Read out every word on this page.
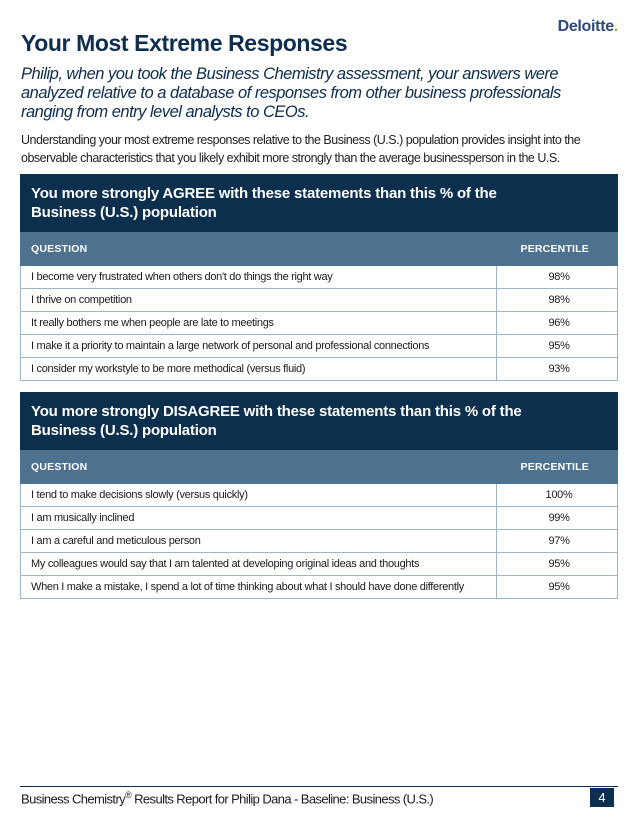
Deloitte.
Your Most Extreme Responses

Philip, when you took the Business Chemistry assessment, your answers were analyzed relative to a database of responses from other business professionals ranging from entry level analysts to CEOs.

Understanding your most extreme responses relative to the Business (U.S.) population provides insight into the observable characteristics that you likely exhibit more strongly than the average businessperson in the U.S.

You more strongly AGREE with these statements than this % of the Business (U.S.) population
QUESTION	PERCENTILE
I become very frustrated when others don't do things the right way	98%
I thrive on competition	98%
It really bothers me when people are late to meetings	96%
I make it a priority to maintain a large network of personal and professional connections	95%
I consider my workstyle to be more methodical (versus fluid)	93%
You more strongly DISAGREE with these statements than this % of the Business (U.S.) population
QUESTION	PERCENTILE
I tend to make decisions slowly (versus quickly)	100%
I am musically inclined	99%
I am a careful and meticulous person	97%
My colleagues would say that I am talented at developing original ideas and thoughts	95%
When I make a mistake, I spend a lot of time thinking about what I should have done differently	95%
Business Chemistry® Results Report for Philip Dana - Baseline: Business (U.S.)	4
